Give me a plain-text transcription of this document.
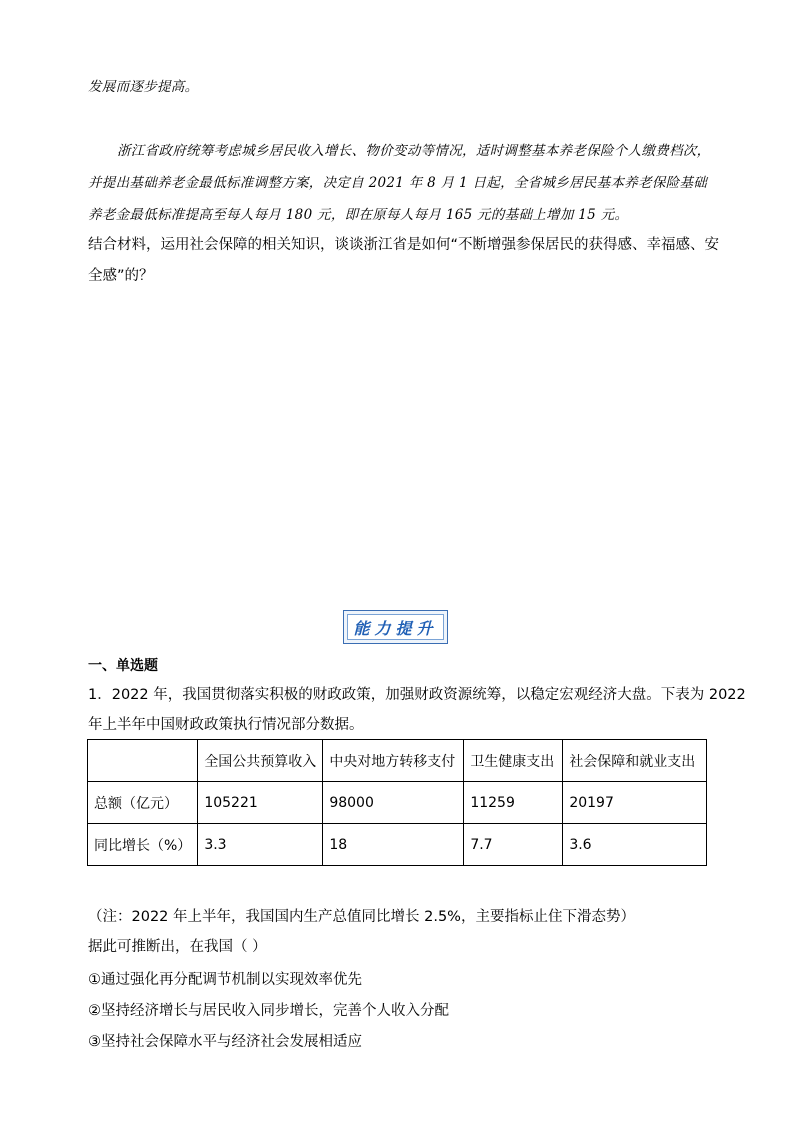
发展而逐步提高。
浙江省政府统筹考虑城乡居民收入增长、物价变动等情况，适时调整基本养老保险个人缴费档次，
并提出基础养老金最低标准调整方案，决定自 2021 年 8 月 1 日起，全省城乡居民基本养老保险基础
养老金最低标准提高至每人每月 180 元，即在原每人每月 165 元的基础上增加 15 元。
结合材料，运用社会保障的相关知识，谈谈浙江省是如何“不断增强参保居民的获得感、幸福感、安
全感”的？
能力提升
一、单选题
1．2022 年，我国贯彻落实积极的财政政策，加强财政资源统筹，以稳定宏观经济大盘。下表为 2022
年上半年中国财政政策执行情况部分数据。
	全国公共预算收入	中央对地方转移支付	卫生健康支出	社会保障和就业支出
总额（亿元）	105221	98000	11259	20197
同比增长（%）	3.3	18	7.7	3.6
（注：2022 年上半年，我国国内生产总值同比增长 2.5%，主要指标止住下滑态势）
据此可推断出，在我国（ ）
①通过强化再分配调节机制以实现效率优先
②坚持经济增长与居民收入同步增长，完善个人收入分配
③坚持社会保障水平与经济社会发展相适应
